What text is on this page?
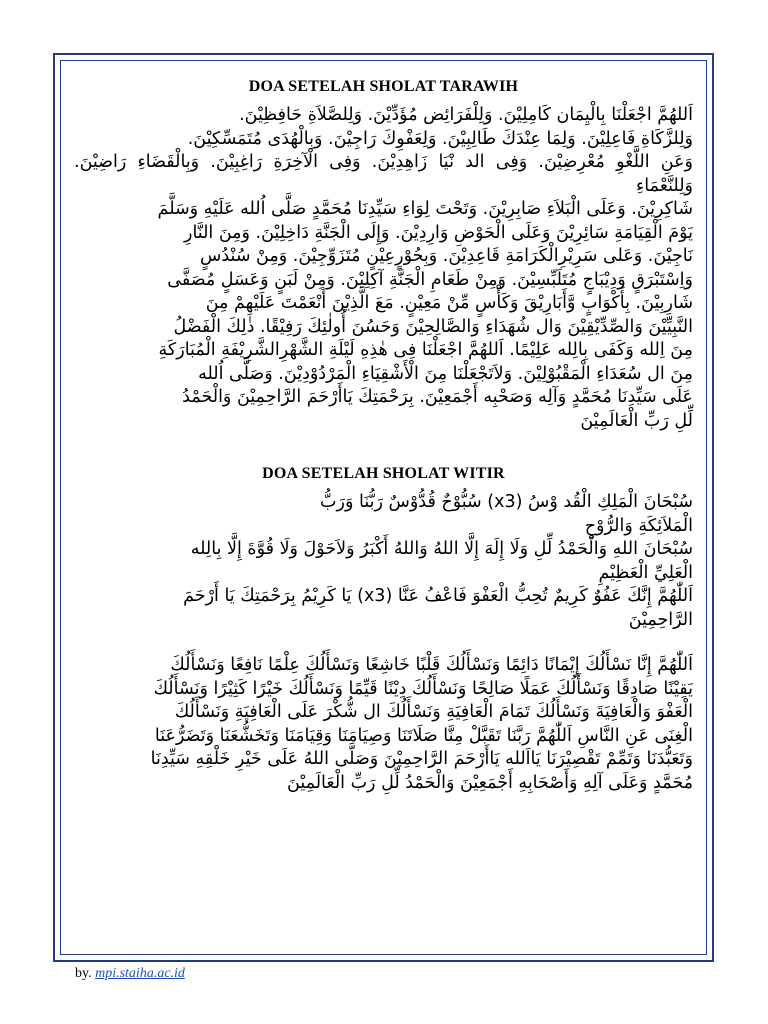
DOA SETELAH SHOLAT TARAWIH

اَللهُمَّ اجْعَلْنَا بِالْيِمَان كَامِلِيْنَ. وَلِلْفَرَائِض مُؤَدِّيْنَ. وَلِلصَّلاَةِ حَافِظِيْنَ.

وَلِلزَّكَاةِ فَاعِلِيْنَ. وَلِمَا عِنْدَكَ طَالِبِيْنَ. وَلِعَفْوِكَ رَاجِيْنَ. وَبِالْهُدَى مُتَمَسِّكِيْنَ.

وَعَنِ اللَّغْوِ مُعْرِضِيْنَ. وَفِى الد نْيَا زَاهِدِيْنَ. وَفِى الْآخِرَةِ رَاغِبِيْنَ. وَبِالْقَضَاءِ رَاضِيْنَ. وَلِلنَّعْمَاءِ

شَاكِرِيْنَ. وَعَلَى الْبَلاَءِ صَابِرِيْنَ. وَتَحْتَ لِوَاءِ سَيِّدِنَا مُحَمَّدٍ صَلَّى اُلله عَلَيْهِ وَسَلَّمَ

يَوْمَ الْقِيَامَةِ سَائِرِيْنَ وَعَلَى الْحَوْضِ وَارِدِيْنَ. وَإِلَى الْجَنَّةِ دَاخِلِيْنَ. وَمِنَ النَّارِ

نَاجِيْنَ. وَعَلى سَرِيْرِالْكَرَامَةِ قَاعِدِيْنَ. وَبِحُوْرٍعِيْنٍ مُتَزَوِّجِيْنَ. وَمِنْ سُنْدُسٍ

وَاِسْتَبْرَقٍ وَدِيْبَاجٍ مُتَلَبِّسِيْنَ. وَمِنْ طَعَامِ الْجَنَّةِ آكِلِيْنَ. وَمِنْ لَبَنٍ وَعَسَلٍ مُصَفَّى

شَارِبِيْنَ. بِأَكْوَابٍ وَّأَبَارِيْقَ وَكَأْسٍ مِّنْ مَعِيْنٍ. مَعَ الَّذِيْنَ أَنْعَمْتَ عَلَيْهِمْ مِنَ

النَّبِيِّيْنَ وَالصِّدِّيْقِيْنَ وَال شُهَدَاءِ وَالصَّالِحِيْنَ وَحَسُنَ أُولٰئِكَ رَفِيْقًا. ذٰلِكَ الْفَضْلُ

مِنَ اِلله وَكَفَى بِالِله عَلِيْمًا. اَللهُمَّ اجْعَلْنَا فِى هٰذِهِ لَيْلَةِ الشَّهْرِالشَّرِيْفَةِ الْمُبَارَكَةِ

مِنَ ال سُعَدَاءِ الْمَقْبُوْلِيْنَ. وَلاَتَجْعَلْنَا مِنَ الْأَشْقِيَاءِ الْمَرْدُوْدِيْنَ. وَصَلَّى اُلله

عَلَى سَيِّدِنَا مُحَمَّدٍ وَآلِه وَصَحْبِه أَجْمَعِيْنَ. بِرَحْمَتِكَ يَاأَرْحَمَ الرَّاحِمِيْنَ وَالْحَمْدُ

لِّلِ رَبِّ الْعَالَمِيْنَ

DOA SETELAH SHOLAT WITIR

سُبْحَانَ الْمَلِكِ الْقُد وْسُ (x3) سُبُّوْحٌ قُدُّوْسٌ رَبُّنَا وَرَبُّ

الْمَلاَئِكَةِ وَالرُّوْحِ

سُبْحَانَ اللهِ وَالْحَمْدُ لِّلِ وَلَا إِلَهَ إِلَّا اللهُ وَاللهُ أَكْبَرُ وَلاَحَوْلَ وَلَا قُوَّةَ إِلَّا بِالِله

الْعَلِيِّ الْعَظِيْمِ

اَللّٰهُمَّ إِنَّكَ عَفُوٌ كَرِيمٌ تُحِبُّ الْعَفْوَ فَاعْفُ عَنَّا (x3) يَا كَرِيْمُ بِرَحْمَتِكَ يَا أَرْحَمَ

الرَّاحِمِيْنَ

اَللّٰهُمَّ إِنَّا نَسْأَلُكَ إِيْمَانًا دَائِمًا وَنَسْأَلُكَ قَلْبًا خَاشِعًا وَنَسْأَلُكَ عِلْمًا نَافِعًا وَنَسْأَلُكَ

يَقِيْنًا صَادِقًا وَنَسْأَلُكَ عَمَلًا صَالِحًا وَنَسْأَلُكَ دِيْنًا قَيِّمًا وَنَسْأَلُكَ خَيْرًا كَثِيْرًا وَنَسْأَلُكَ

الْعَفْوَ وَالْعَافِيَةَ وَنَسْأَلُكَ تَمَامَ الْعَافِيَةِ وَنَسْأَلُكَ ال شُّكْرَ عَلَى الْعَافِيَةِ وَنَسْأَلُكَ

الْغِنَى عَنِ النَّاسِ اَللّٰهُمَّ رَبَّنَا تَقَبَّلْ مِنَّا صَلَاتَنَا وَصِيَامَنَا وَقِيَامَنَا وَتَخَشُّعَنَا وَتَضَرُّعَنَا

وَتَعَبُّدَنَا وَتَمِّمْ تَقْصِيْرَنَا يَااَلله يَاأَرْحَمَ الرَّاحِمِيْنَ وَصَلَّى اللهُ عَلَى خَيْرِ خَلْقِهِ سَيِّدِنَا

مُحَمَّدٍ وَعَلَى آلِهِ وَأَصْحَابِهِ أَجْمَعِيْنَ وَالْحَمْدُ لِّلِ رَبِّ الْعَالَمِيْنَ

by. mpi.staiha.ac.id
